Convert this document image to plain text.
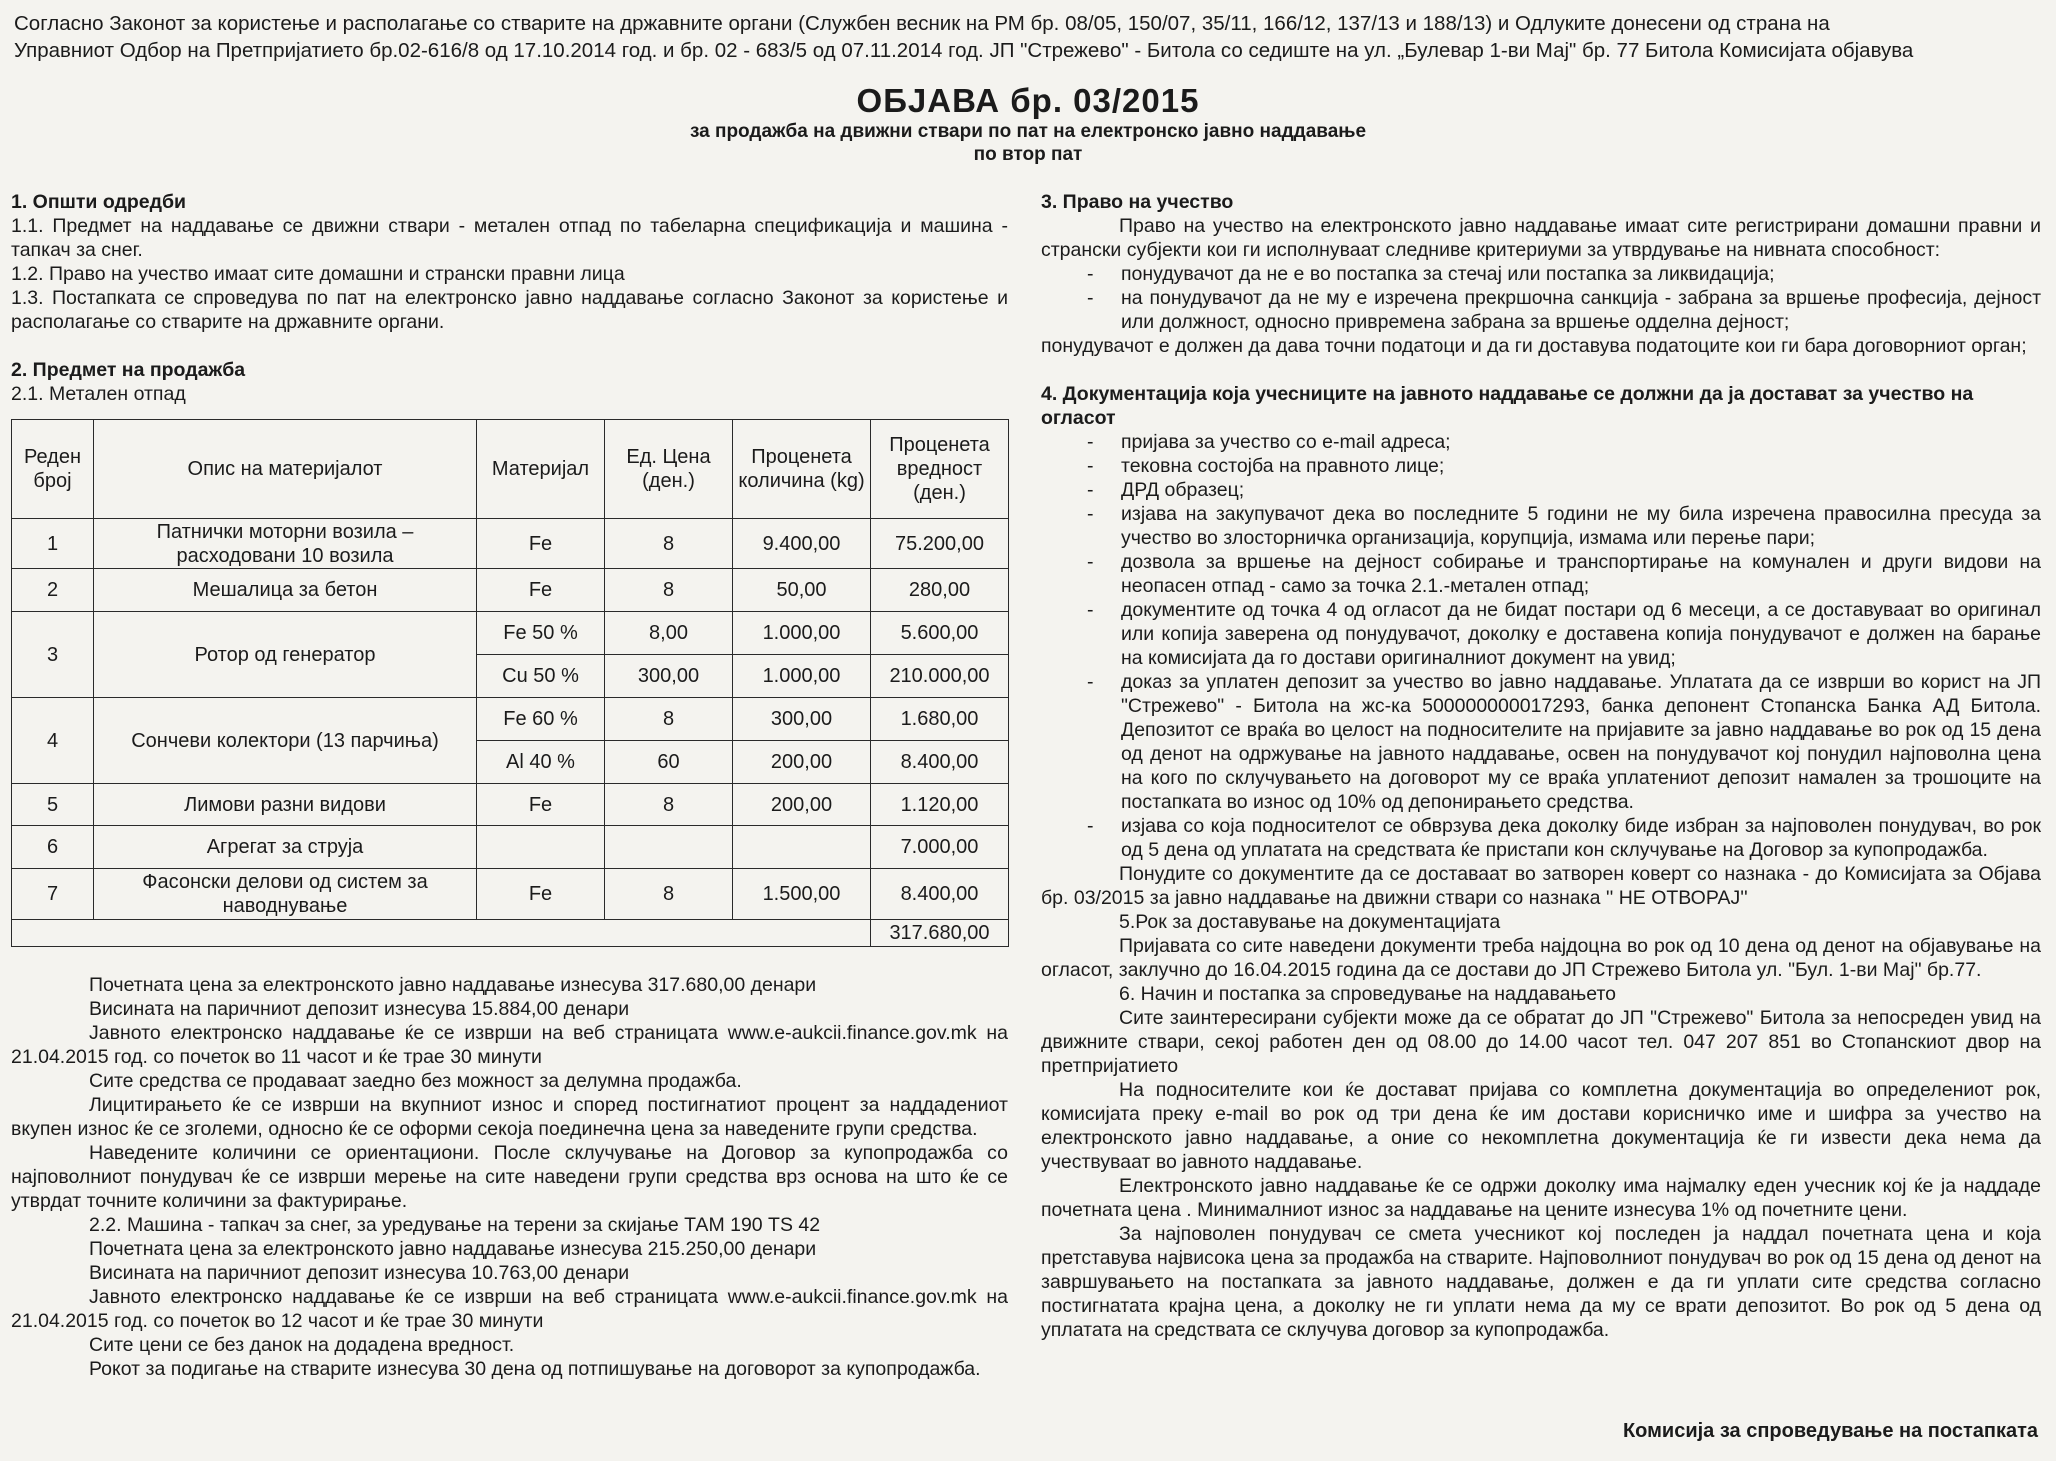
Согласно Законот за користење и располагање со стварите на државните органи (Службен весник на РМ бр. 08/05, 150/07, 35/11, 166/12, 137/13 и 188/13) и Одлуките донесени од страна на

Управниот Одбор на Претпријатието бр.02-616/8 од 17.10.2014 год. и бр. 02 - 683/5 од 07.11.2014 год. ЈП "Стрежево" - Битола со седиште на ул. „Булевар 1-ви Мај" бр. 77 Битола Комисијата објавува

ОБЈАВА бр. 03/2015
за продажба на движни ствари по пат на електронско јавно наддавање
по втор пат

1. Општи одредби

1.1. Предмет на наддавање се движни ствари - метален отпад по табеларна спецификација и машина - тапкач за снег.

1.2. Право на учество имаат сите домашни и странски правни лица

1.3. Постапката се спроведува по пат на електронско јавно наддавање согласно Законот за користење и располагање со стварите на државните органи.

2. Предмет на продажба

2.1. Метален отпад

Реден број	Опис на материјалот	Материјал	Ед. Цена (ден.)	Проценета количина (kg)	Проценета вредност (ден.)
1	Патнички моторни возила – расходовани 10 возила	Fe	8	9.400,00	75.200,00
2	Мешалица за бетон	Fe	8	50,00	280,00
3	Ротор од генератор	Fe 50 %	8,00	1.000,00	5.600,00
		Cu 50 %	300,00	1.000,00	210.000,00
4	Сончеви колектори (13 парчиња)	Fe 60 %	8	300,00	1.680,00
		Al 40 %	60	200,00	8.400,00
5	Лимови разни видови	Fe	8	200,00	1.120,00
6	Агрегат за струја				7.000,00
7	Фасонски делови од систем за наводнување	Fe	8	1.500,00	8.400,00
					317.680,00

Почетната цена за електронското јавно наддавање изнесува 317.680,00 денари

Висината на паричниот депозит изнесува 15.884,00 денари

Јавното електронско наддавање ќе се изврши на веб страницата www.e-aukcii.finance.gov.mk на 21.04.2015 год. со почеток во 11 часот и ќе трае 30 минути

Сите средства се продаваат заедно без можност за делумна продажба.

Лицитирањето ќе се изврши на вкупниот износ и според постигнатиот процент за наддадениот вкупен износ ќе се зголеми, односно ќе се оформи секоја поединечна цена за наведените групи средства.

Наведените количини се ориентациони. После склучување на Договор за купопродажба со најповолниот понудувач ќе се изврши мерење на сите наведени групи средства врз основа на што ќе се утврдат точните количини за фактурирање.

2.2. Машина - тапкач за снег, за уредување на терени за скијање ТАМ 190 TS 42

Почетната цена за електронското јавно наддавање изнесува 215.250,00 денари

Висината на паричниот депозит изнесува 10.763,00 денари

Јавното електронско наддавање ќе се изврши на веб страницата www.e-aukcii.finance.gov.mk на 21.04.2015 год. со почеток во 12 часот и ќе трае 30 минути

Сите цени се без данок на додадена вредност.

Рокот за подигање на стварите изнесува 30 дена од потпишување на договорот за купопродажба.

3. Право на учество

Право на учество на електронското јавно наддавање имаат сите регистрирани домашни правни и странски субјекти кои ги исполнуваат следниве критериуми за утврдување на нивната способност:

- понудувачот да не е во постапка за стечај или постапка за ликвидација;
- на понудувачот да не му е изречена прекршочна санкција - забрана за вршење професија, дејност или должност, односно привремена забрана за вршење одделна дејност;

понудувачот е должен да дава точни податоци и да ги доставува податоците кои ги бара договорниот орган;

4. Документација која учесниците на јавното наддавање се должни да ја достават за учество на огласот

- пријава за учество со e-mail адреса;
- тековна состојба на правното лице;
- ДРД образец;
- изјава на закупувачот дека во последните 5 години не му била изречена правосилна пресуда за учество во злосторничка организација, корупција, измама или перење пари;
- дозвола за вршење на дејност собирање и транспортирање на комунален и други видови на неопасен отпад - само за точка 2.1.-метален отпад;
- документите од точка 4 од огласот да не бидат постари од 6 месеци, а се доставуваат во оригинал или копија заверена од понудувачот, доколку е доставена копија понудувачот е должен на барање на комисијата да го достави оригиналниот документ на увид;
- доказ за уплатен депозит за учество во јавно наддавање. Уплатата да се изврши во корист на ЈП "Стрежево" - Битола на жс-ка 500000000017293, банка депонент Стопанска Банка АД Битола. Депозитот се враќа во целост на подносителите на пријавите за јавно наддавање во рок од 15 дена од денот на одржување на јавното наддавање, освен на понудувачот кој понудил најповолна цена на кого по склучувањето на договорот му се враќа уплатениот депозит намален за трошоците на постапката во износ од 10% од депонирањето средства.
- изјава со која подносителот се обврзува дека доколку биде избран за најповолен понудувач, во рок од 5 дена од уплатата на средствата ќе пристапи кон склучување на Договор за купопродажба.

Понудите со документите да се доставаат во затворен коверт со назнака - до Комисијата за Објава бр. 03/2015 за јавно наддавање на движни ствари со назнака '' НЕ ОТВОРАЈ''

5.Рок за доставување на документацијата

Пријавата со сите наведени документи треба најдоцна во рок од 10 дена од денот на објавување на огласот, заклучно до 16.04.2015 година да се достави до ЈП Стрежево Битола ул. "Бул. 1-ви Мај" бр.77.

6. Начин и постапка за спроведување на наддавањето

Сите заинтересирани субјекти може да се обратат до ЈП "Стрежево" Битола за непосреден увид на движните ствари, секој работен ден од 08.00 до 14.00 часот тел. 047 207 851 во Стопанскиот двор на претпријатието

На подносителите кои ќе достават пријава со комплетна документација во определениот рок, комисијата преку e-mail во рок од три дена ќе им достави корисничко име и шифра за учество на електронското јавно наддавање, а оние со некомплетна документација ќе ги извести дека нема да учествуваат во јавното наддавање.

Електронското јавно наддавање ќе се одржи доколку има најмалку еден учесник кој ќе ја наддаде почетната цена . Минималниот износ за наддавање на цените изнесува 1% од почетните цени.

За најповолен понудувач се смета учесникот кој последен ја наддал почетната цена и која претставува највисока цена за продажба на стварите. Најповолниот понудувач во рок од 15 дена од денот на завршувањето на постапката за јавното наддавање, должен е да ги уплати сите средства согласно постигнатата крајна цена, а доколку не ги уплати нема да му се врати депозитот. Во рок од 5 дена од уплатата на средствата се склучува договор за купопродажба.

Комисија за спроведување на постапката
